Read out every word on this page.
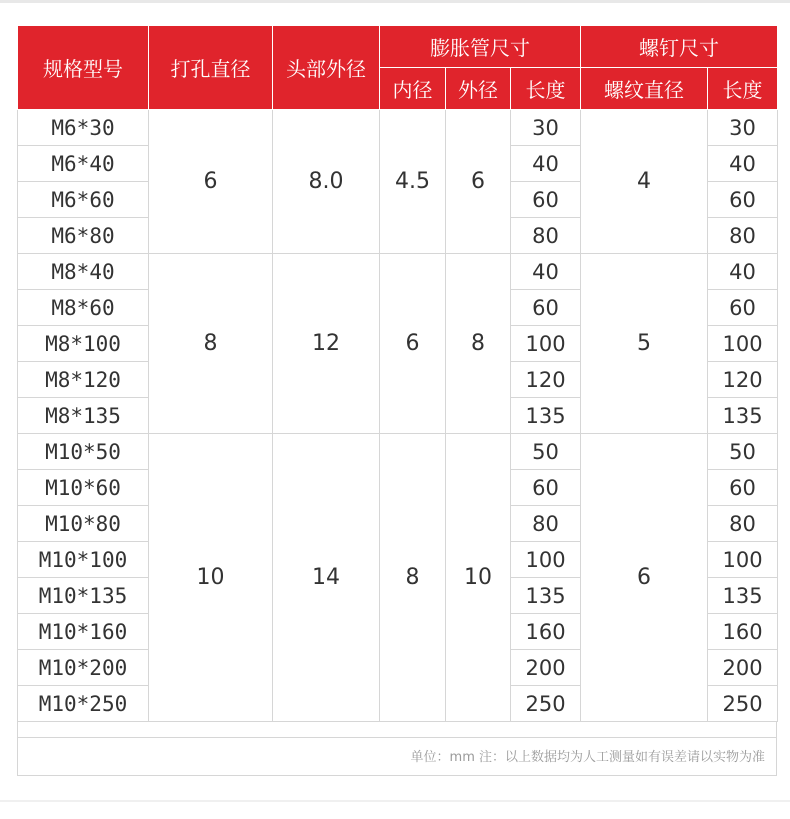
规格型号	打孔直径	头部外径	膨胀管尺寸			螺钉尺寸	
			内径	外径	长度	螺纹直径	长度
M6*30	6	8.0	4.5	6	30	4	30
M6*40					40		40
M6*60					60		60
M6*80					80		80
M8*40	8	12	6	8	40	5	40
M8*60					60		60
M8*100					100		100
M8*120					120		120
M8*135					135		135
M10*50	10	14	8	10	50	6	50
M10*60					60		60
M10*80					80		80
M10*100					100		100
M10*135					135		135
M10*160					160		160
M10*200					200		200
M10*250					250		250
单位：mm 注：以上数据均为人工测量如有误差请以实物为准
